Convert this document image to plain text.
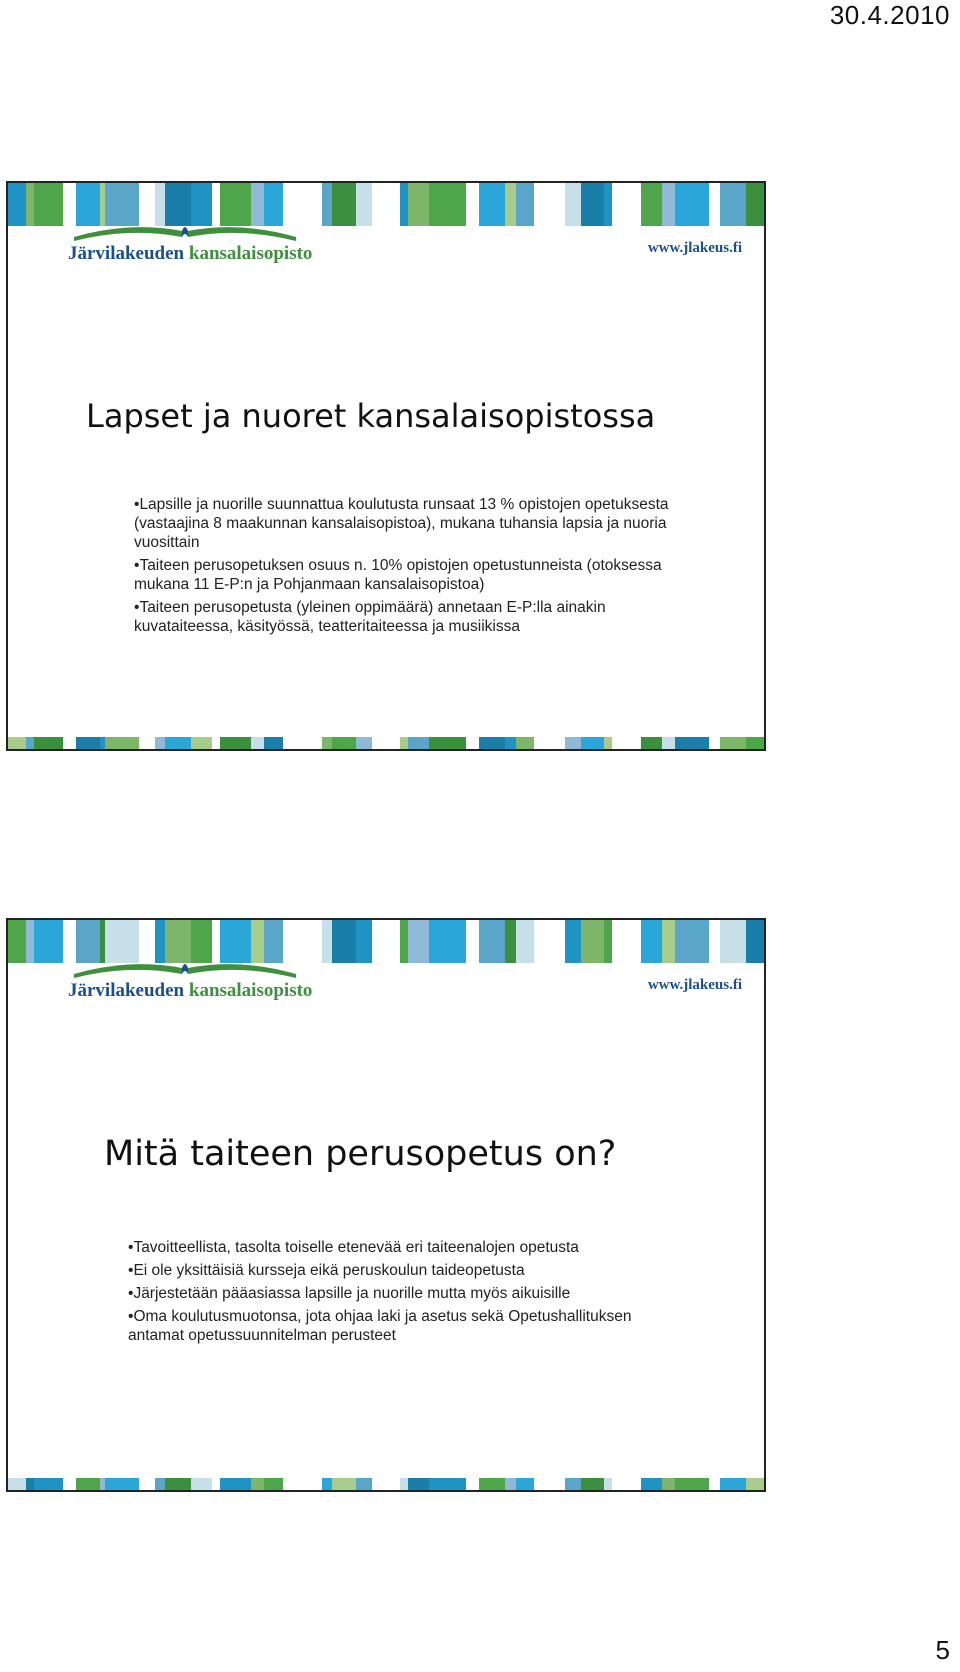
30.4.2010
Järvilakeuden kansalaisopisto	www.jlakeus.fi
Lapset ja nuoret kansalaisopistossa
• Lapsille ja nuorille suunnattua koulutusta runsaat 13 % opistojen opetuksesta (vastaajina 8 maakunnan kansalaisopistoa), mukana tuhansia lapsia ja nuoria vuosittain
• Taiteen perusopetuksen osuus n. 10% opistojen opetustunneista (otoksessa mukana 11 E-P:n ja Pohjanmaan kansalaisopistoa)
• Taiteen perusopetusta (yleinen oppimäärä) annetaan E-P:lla ainakin kuvataiteessa, käsityössä, teatteritaiteessa ja musiikissa
Järvilakeuden kansalaisopisto	www.jlakeus.fi
Mitä taiteen perusopetus on?
• Tavoitteellista, tasolta toiselle etenevää eri taiteenalojen opetusta
• Ei ole yksittäisiä kursseja eikä peruskoulun taideopetusta
• Järjestetään pääasiassa lapsille ja nuorille mutta myös aikuisille
• Oma koulutusmuotonsa, jota ohjaa laki ja asetus sekä Opetushallituksen antamat opetussuunnitelman perusteet
5
